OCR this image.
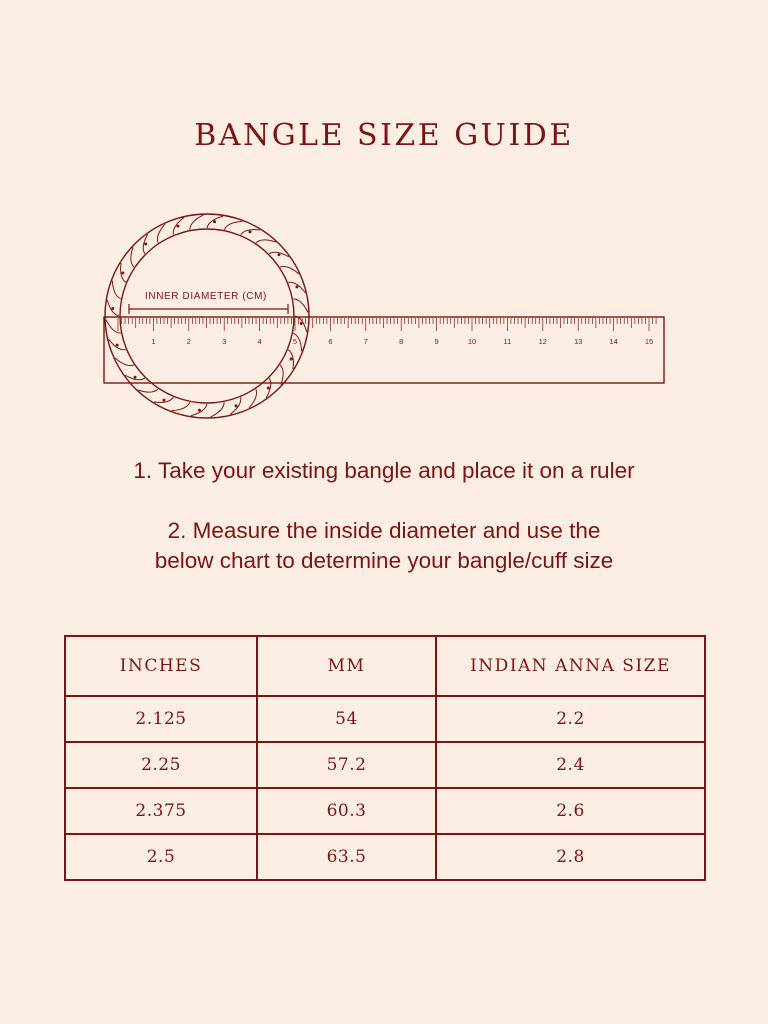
BANGLE SIZE GUIDE
1	2	3	4	5	6	7	8	9	10	11	12	13	14	15
INNER DIAMETER (CM)
1. Take your existing bangle and place it on a ruler
2. Measure the inside diameter and use the
below chart to determine your bangle/cuff size
INCHES	MM	INDIAN ANNA SIZE
2.125	54	2.2
2.25	57.2	2.4
2.375	60.3	2.6
2.5	63.5	2.8
